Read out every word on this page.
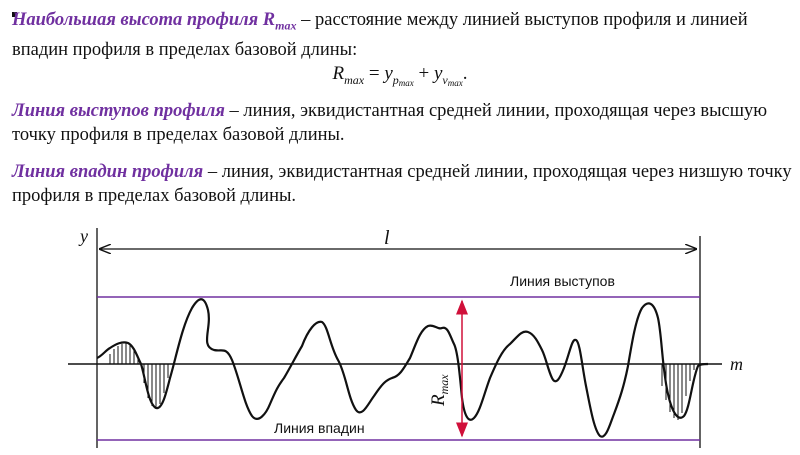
Наибольшая высота профиля $R_{max}$ – расстояние между линией выступов профиля и линией впадин профиля в пределах базовой длины:
$R_{max} = y_{pmax} + y_{vmax}$.
Линия выступов профиля – линия, эквидистантная средней линии, проходящая через высшую точку профиля в пределах базовой длины.
Линия впадин профиля – линия, эквидистантная средней линии, проходящая через низшую точку профиля в пределах базовой длины.
y	l
m
$R_{max}$
Линия выступов
Линия впадин
